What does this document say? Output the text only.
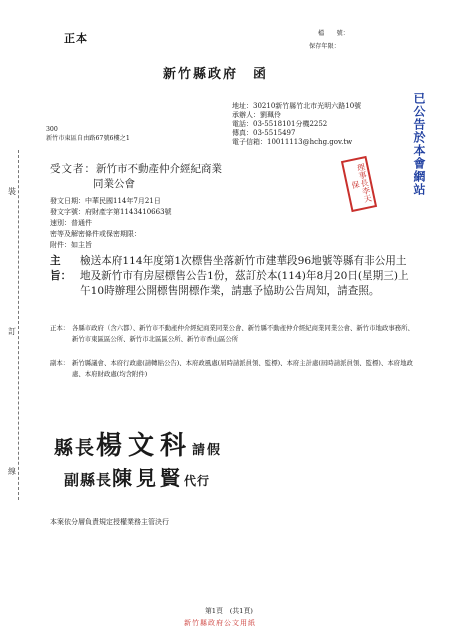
裝
訂
線
正本	檔　　號：
保存年限：
新竹縣政府　函
地址：30210新竹縣竹北市光明六路10號
承辦人：劉珮伶
電話：03-5518101分機2252
傳真：03-5515497
電子信箱：10011113@hchg.gov.tw	已公告於本會網站
理事長李天保
300
新竹市東區自由路67號6樓之1
受文者：新竹市不動產仲介經紀商業
同業公會
發文日期：中華民國114年7月21日
發文字號：府財產字第1143410663號
速別：普通件
密等及解密條件或保密期限：
附件：如主旨
主旨：
檢送本府114年度第1次標售坐落新竹市建華段96地號等縣有非公用土地及新竹市有房屋標售公告1份，茲訂於本(114)年8月20日(星期三)上午10時辦理公開標售開標作業，請惠予協助公告周知，請查照。
正本： 各縣市政府（含六都）、新竹市不動產仲介經紀商業同業公會、新竹縣不動產仲介經紀商業同業公會、新竹市地政事務所、新竹市東區區公所、新竹市北區區公所、新竹市香山區公所
副本： 新竹縣議會、本府行政處(請轉貼公告)、本府政風處(屆時請派員領、監標)、本府主計處(屆時請派員領、監標)、本府地政處、本府財政處(均含附件)
縣長楊文科請假
副縣長陳見賢代行
本案依分層負責規定授權業務主管決行
第1頁　(共1頁)
新竹縣政府公文用紙
